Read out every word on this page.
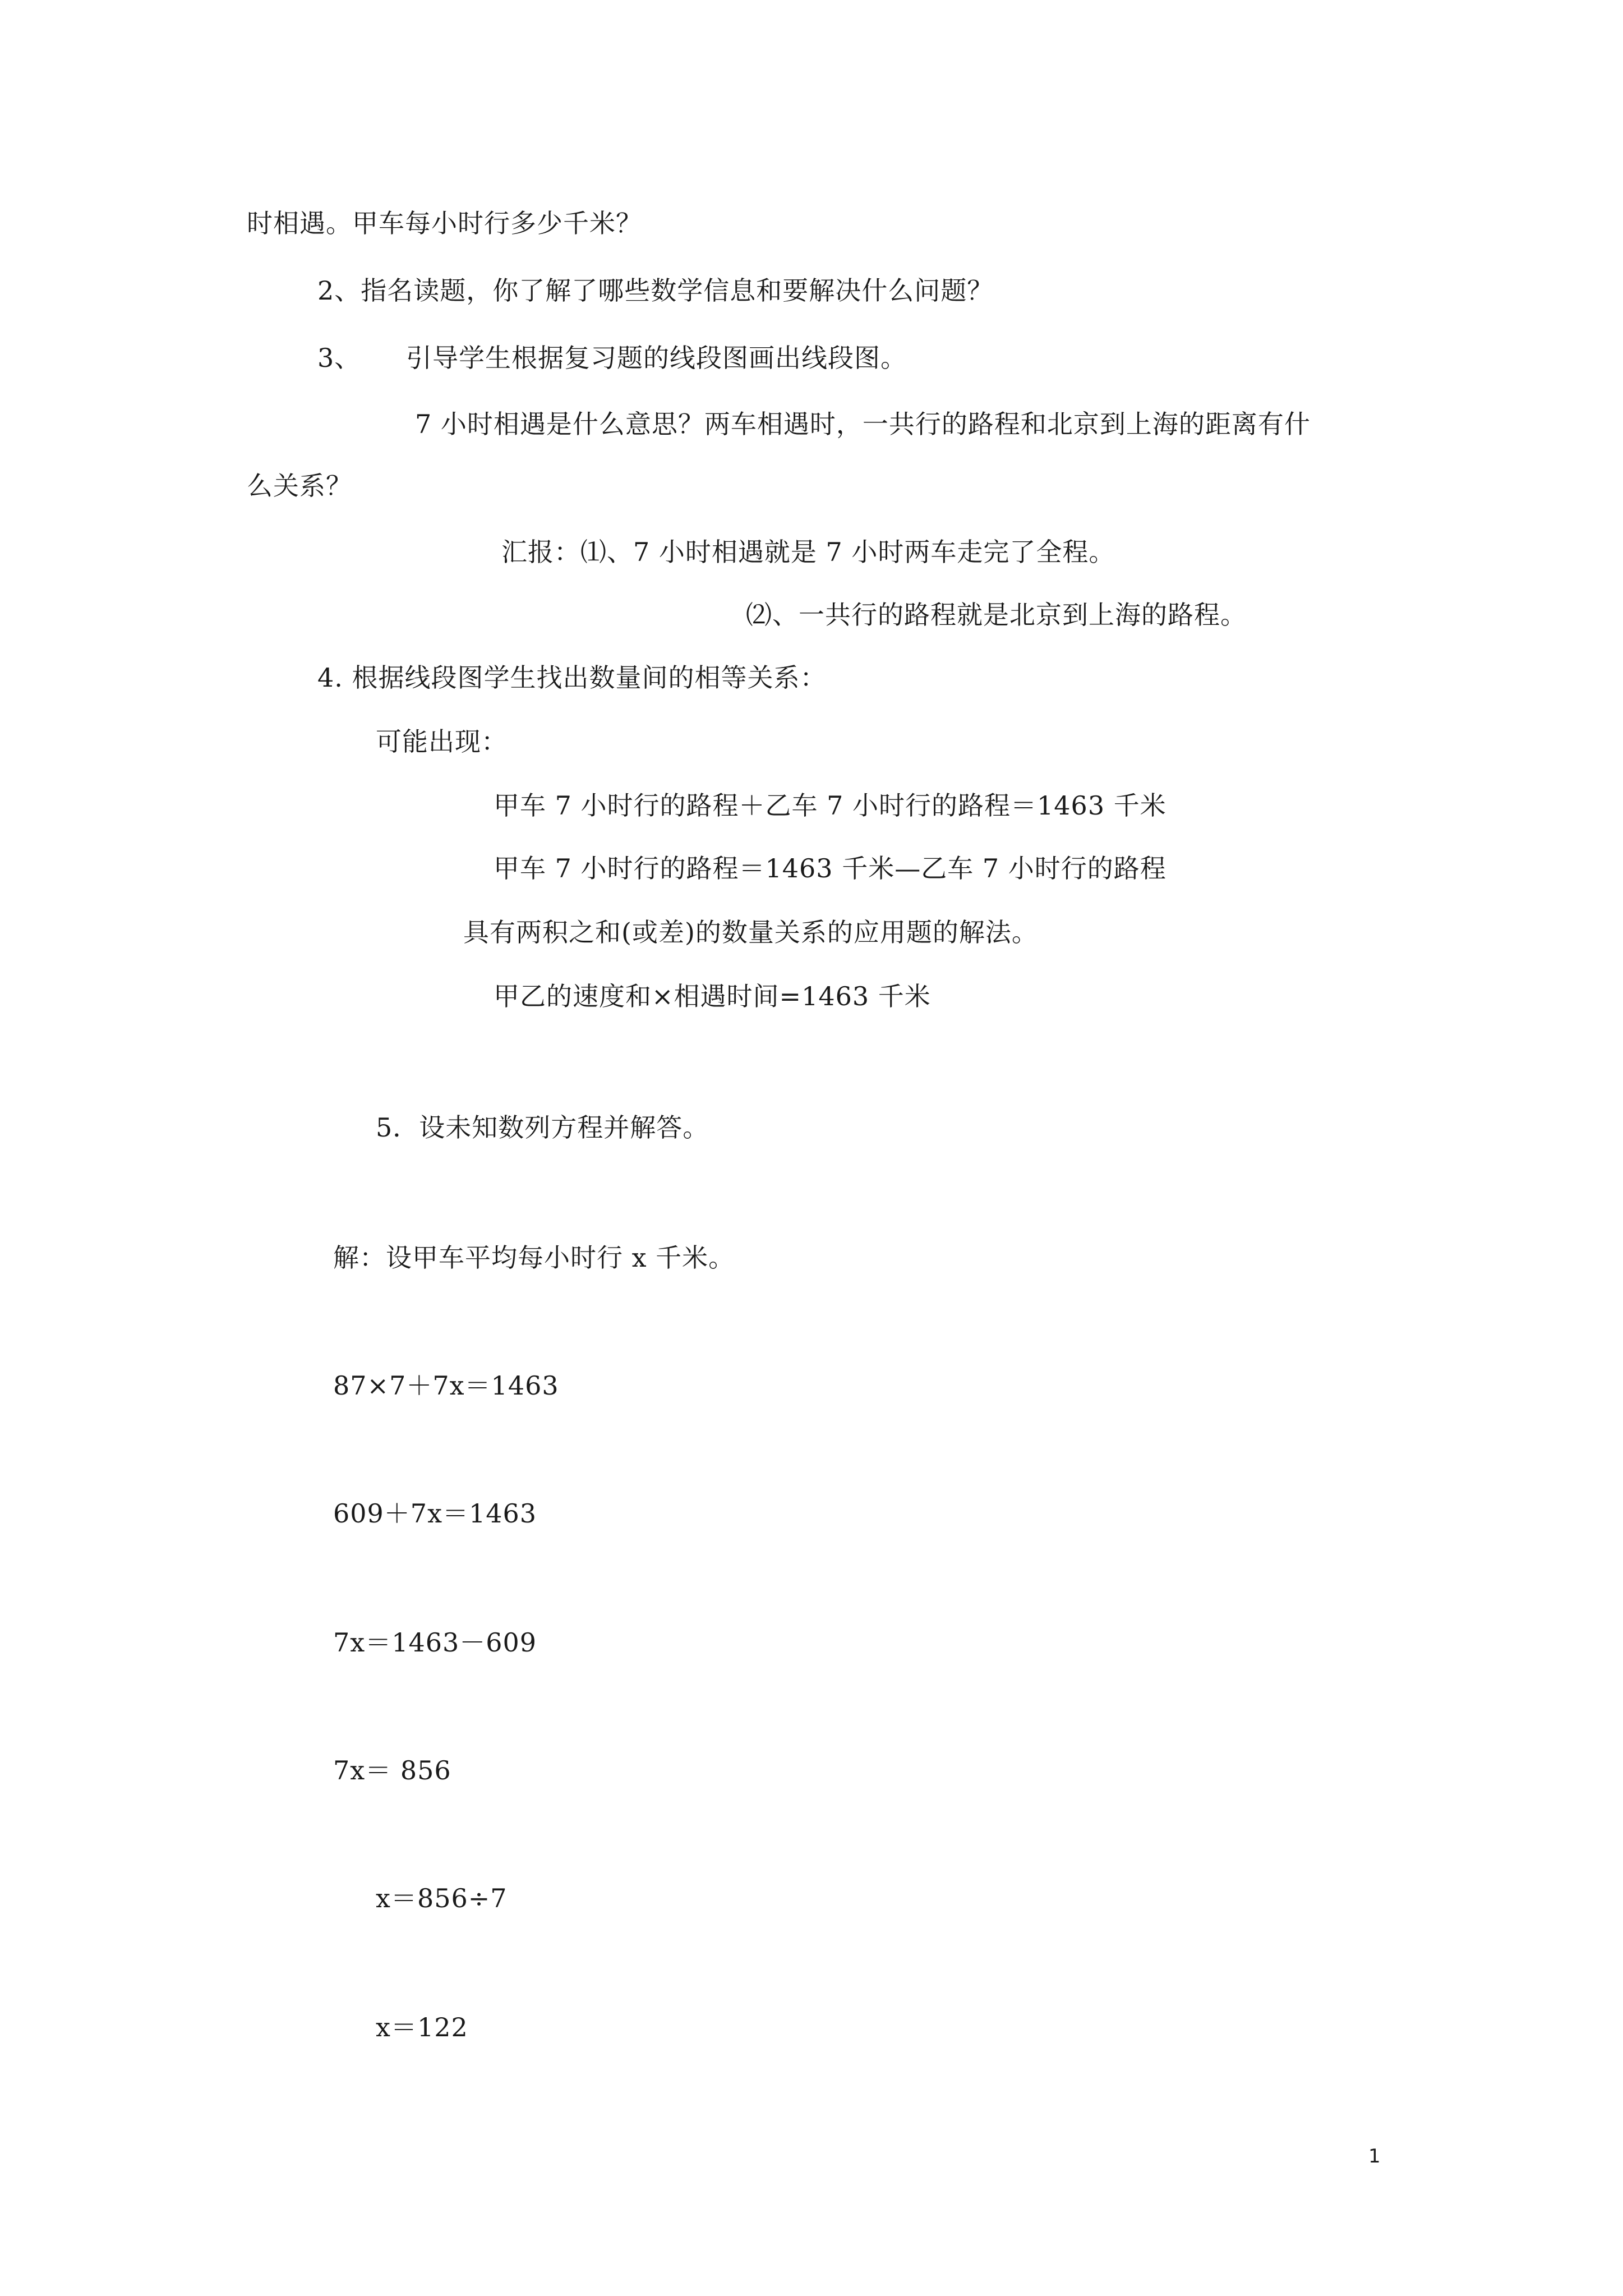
时相遇。甲车每小时行多少千米？
2、指名读题，你了解了哪些数学信息和要解决什么问题？
3、 引导学生根据复习题的线段图画出线段图。
7 小时相遇是什么意思？两车相遇时，一共行的路程和北京到上海的距离有什
么关系？
汇报：⑴、7 小时相遇就是 7 小时两车走完了全程。
⑵、一共行的路程就是北京到上海的路程。
4. 根据线段图学生找出数量间的相等关系：
可能出现：
甲车 7 小时行的路程＋乙车 7 小时行的路程＝1463 千米
甲车 7 小时行的路程＝1463 千米—乙车 7 小时行的路程
具有两积之和(或差)的数量关系的应用题的解法。
甲乙的速度和×相遇时间=1463 千米
5．设未知数列方程并解答。
解：设甲车平均每小时行 x 千米。
87×7＋7x＝1463
609＋7x＝1463
7x＝1463－609
7x＝ 856
x＝856÷7
x＝122
1
